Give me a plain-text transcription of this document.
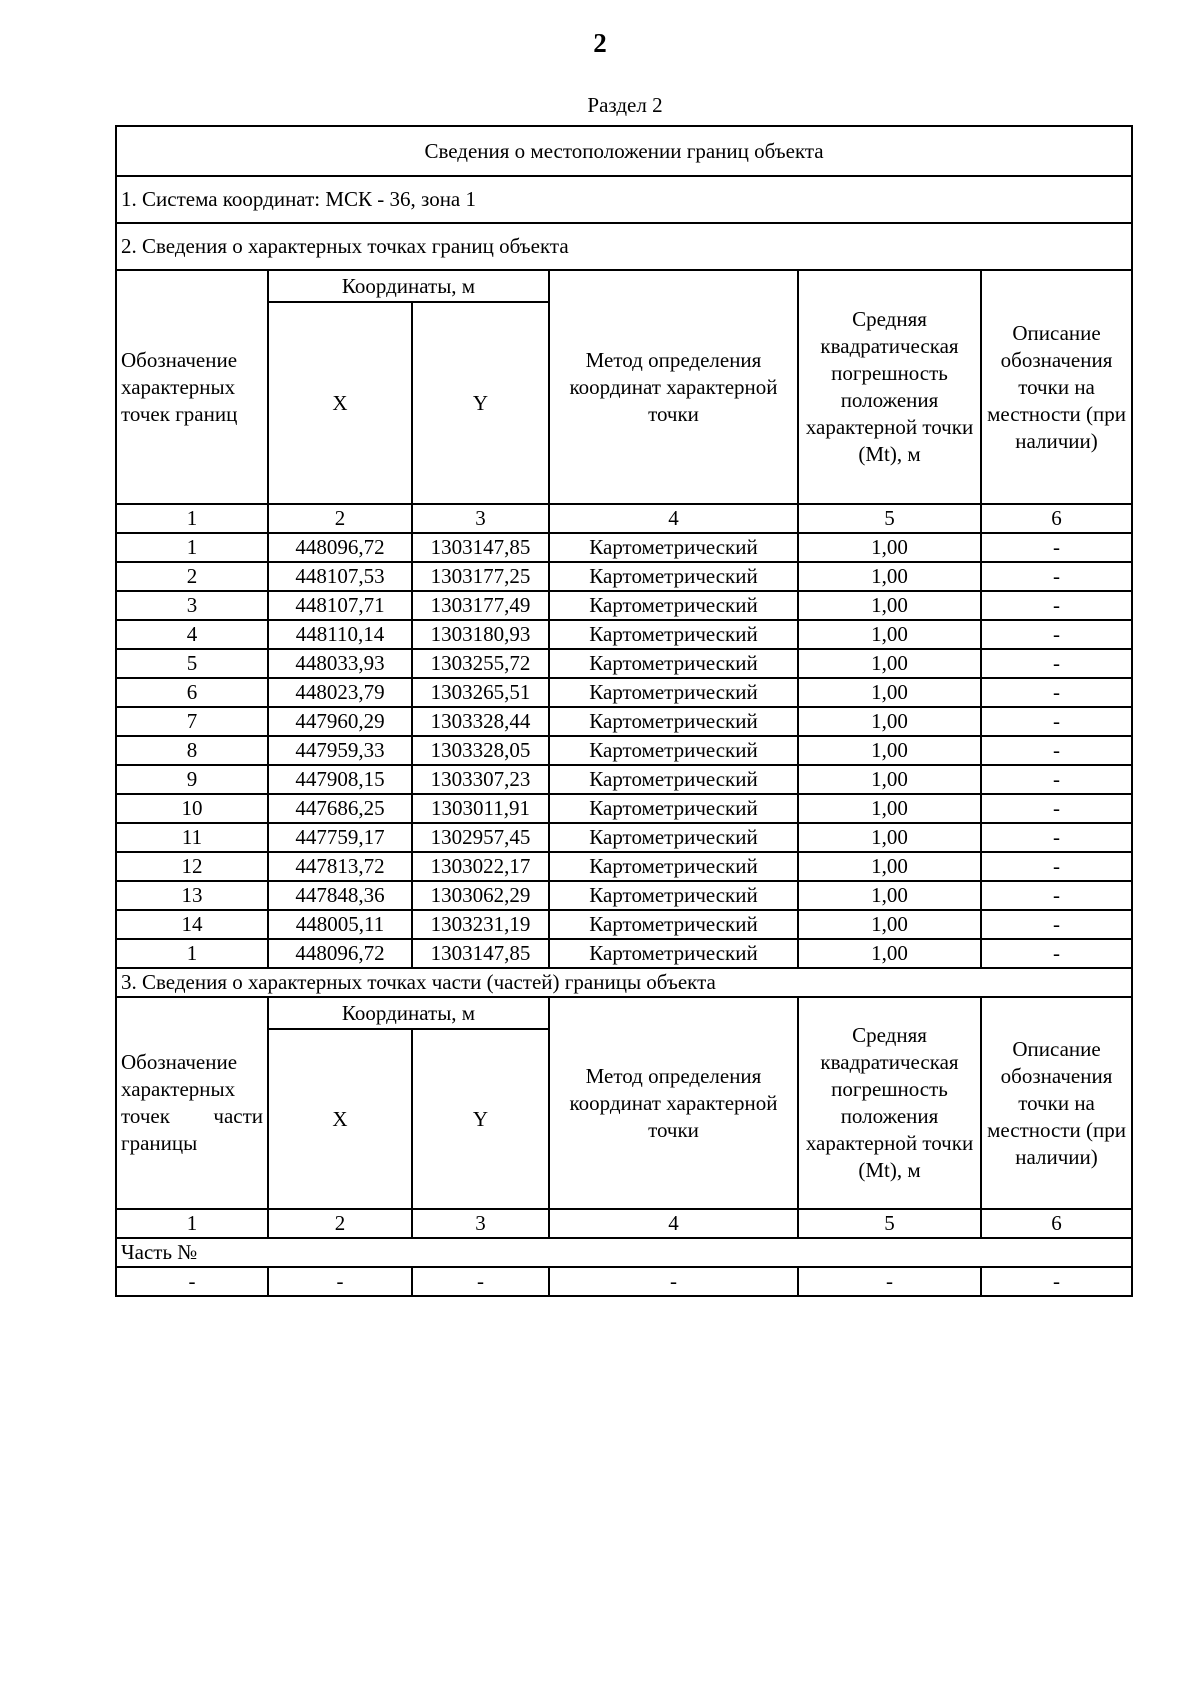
2
Раздел 2
Сведения о местоположении границ объекта					
1. Система координат: МСК - 36, зона 1					
2. Сведения о характерных точках границ объекта					
Обозначение характерных точек границ	Координаты, м		Метод определения координат характерной точки	Средняя квадратическая погрешность положения характерной точки (Mt), м	Описание обозначения точки на местности (при наличии)
	X	Y			
1	2	3	4	5	6
1	448096,72	1303147,85	Картометрический	1,00	-
2	448107,53	1303177,25	Картометрический	1,00	-
3	448107,71	1303177,49	Картометрический	1,00	-
4	448110,14	1303180,93	Картометрический	1,00	-
5	448033,93	1303255,72	Картометрический	1,00	-
6	448023,79	1303265,51	Картометрический	1,00	-
7	447960,29	1303328,44	Картометрический	1,00	-
8	447959,33	1303328,05	Картометрический	1,00	-
9	447908,15	1303307,23	Картометрический	1,00	-
10	447686,25	1303011,91	Картометрический	1,00	-
11	447759,17	1302957,45	Картометрический	1,00	-
12	447813,72	1303022,17	Картометрический	1,00	-
13	447848,36	1303062,29	Картометрический	1,00	-
14	448005,11	1303231,19	Картометрический	1,00	-
1	448096,72	1303147,85	Картометрический	1,00	-
3. Сведения о характерных точках части (частей) границы объекта					
Обозначение характерных точек части границы	Координаты, м		Метод определения координат характерной точки	Средняя квадратическая погрешность положения характерной точки (Mt), м	Описание обозначения точки на местности (при наличии)
	X	Y			
1	2	3	4	5	6
Часть №					
-	-	-	-	-	-
